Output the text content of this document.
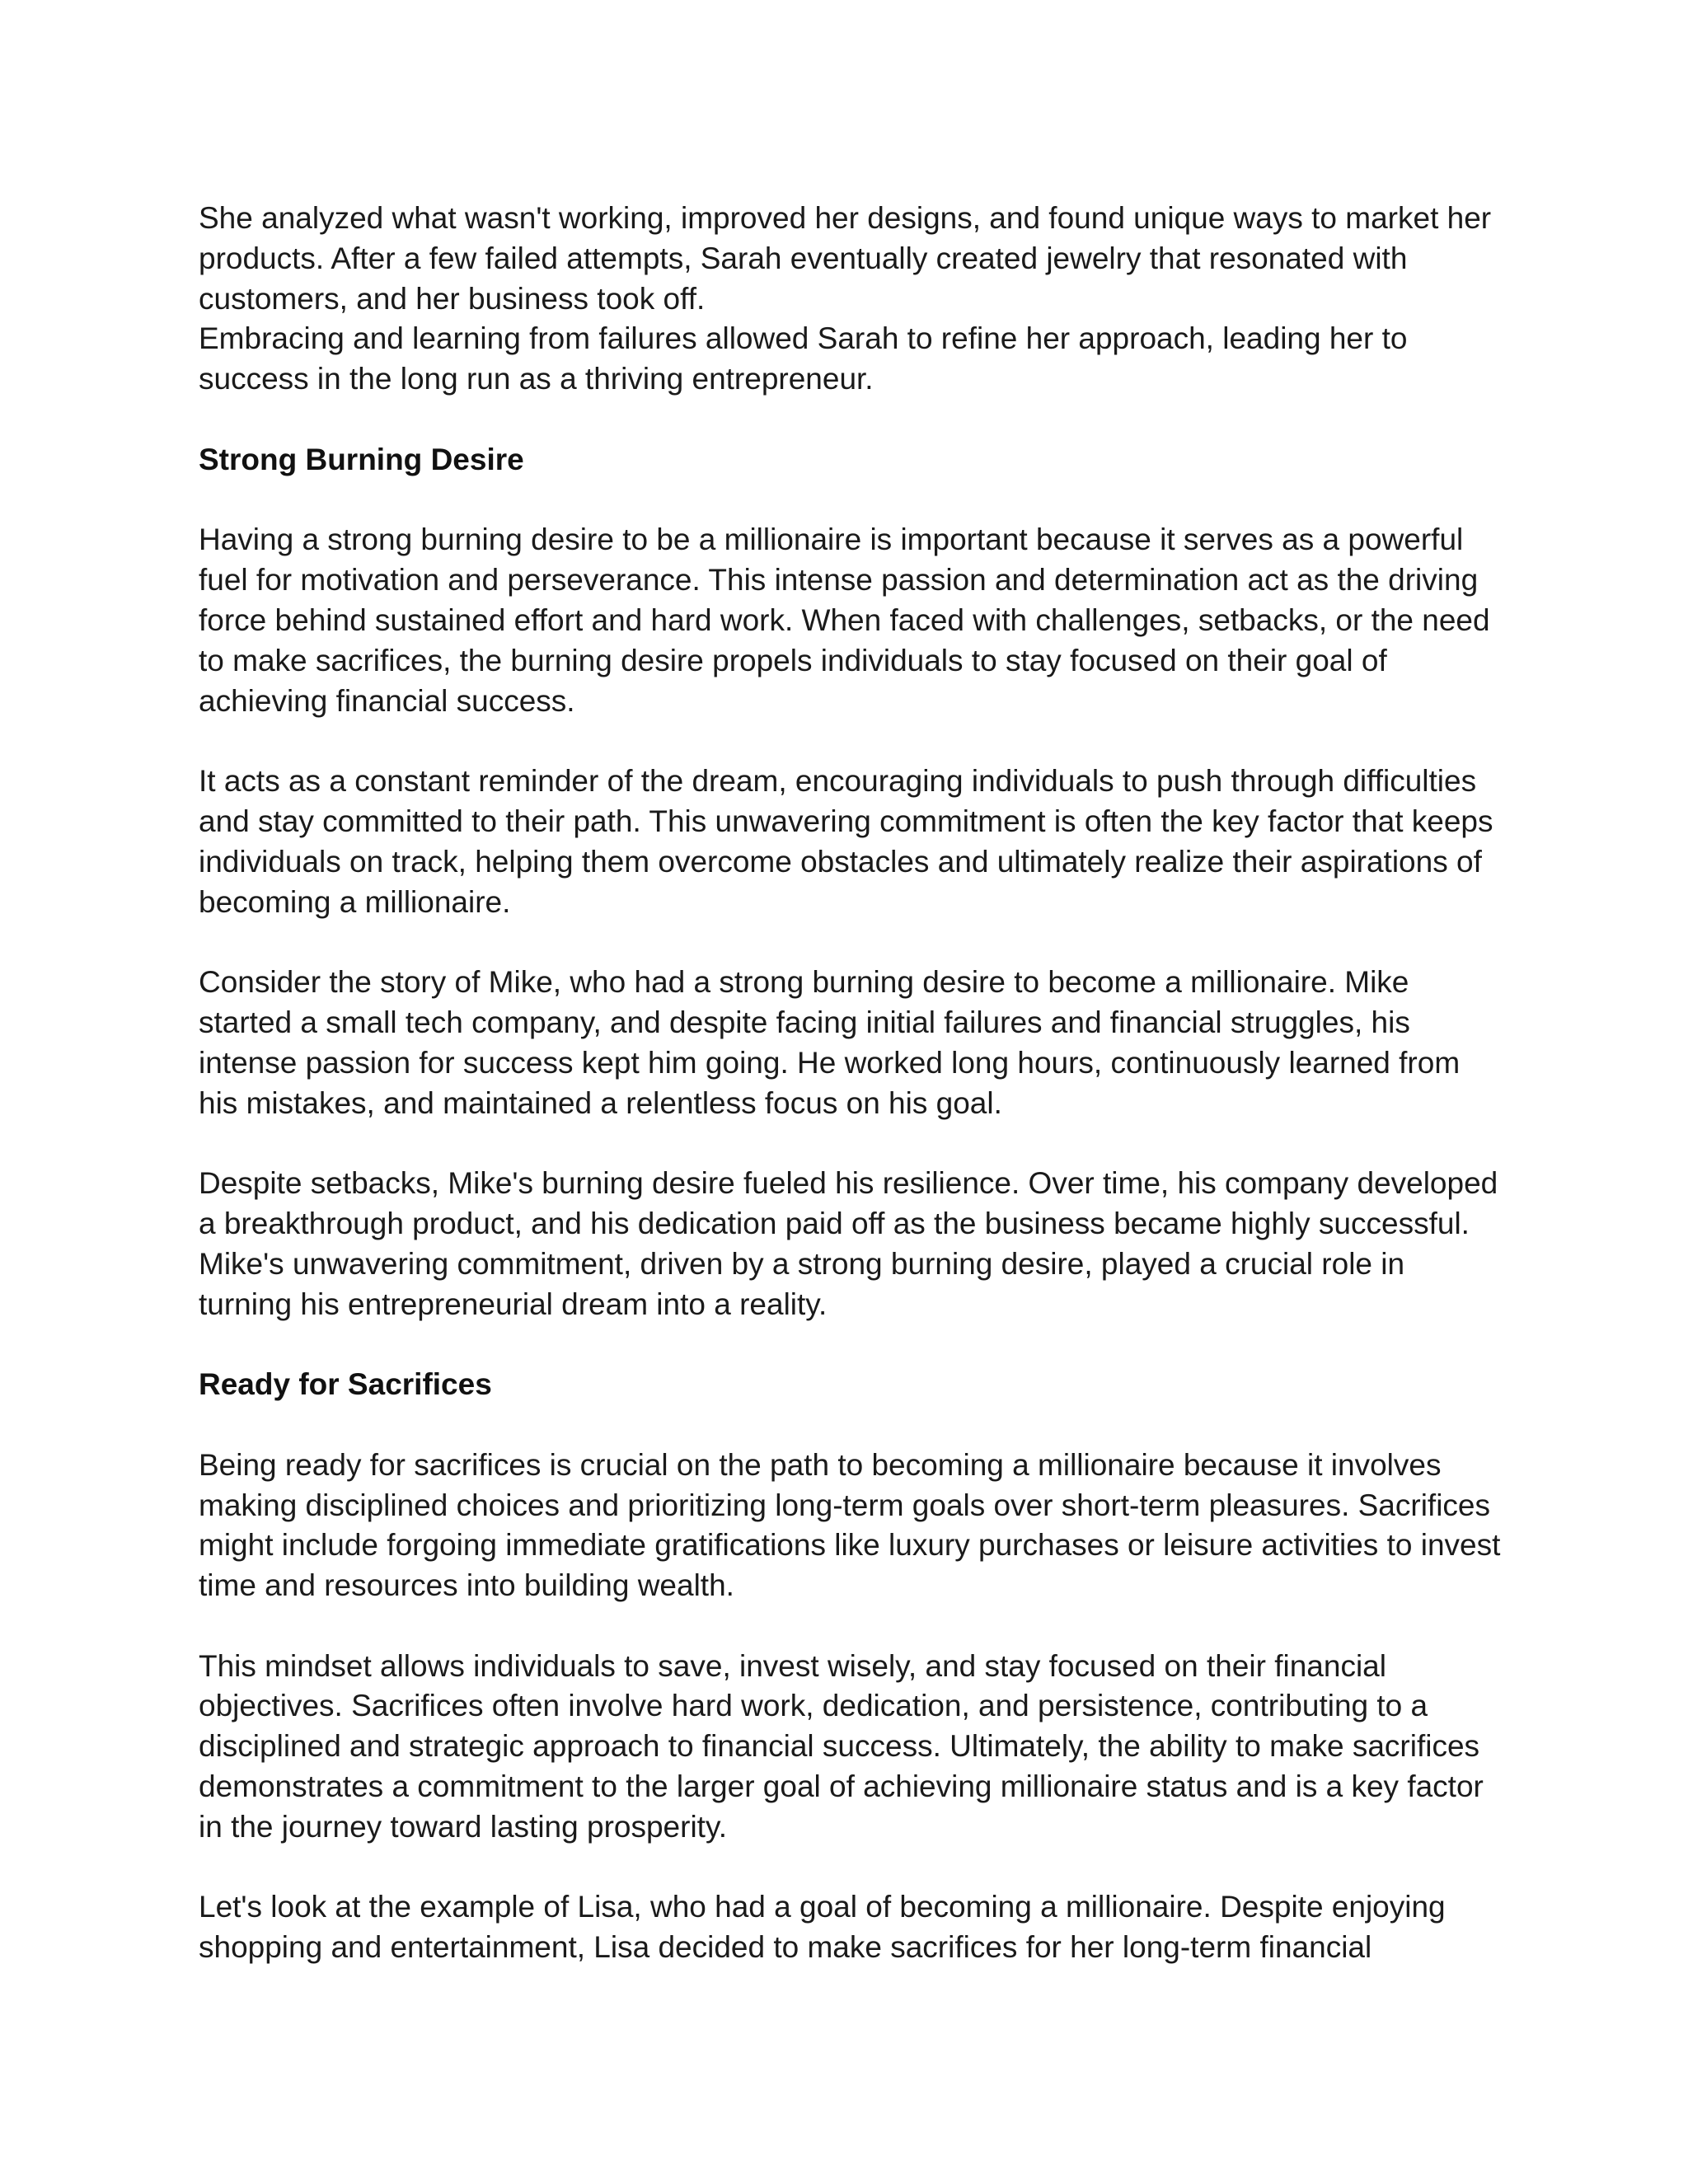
She analyzed what wasn't working, improved her designs, and found unique ways to market her products. After a few failed attempts, Sarah eventually created jewelry that resonated with customers, and her business took off.

Embracing and learning from failures allowed Sarah to refine her approach, leading her to success in the long run as a thriving entrepreneur.

Strong Burning Desire

Having a strong burning desire to be a millionaire is important because it serves as a powerful fuel for motivation and perseverance. This intense passion and determination act as the driving force behind sustained effort and hard work. When faced with challenges, setbacks, or the need to make sacrifices, the burning desire propels individuals to stay focused on their goal of achieving financial success.

It acts as a constant reminder of the dream, encouraging individuals to push through difficulties and stay committed to their path. This unwavering commitment is often the key factor that keeps individuals on track, helping them overcome obstacles and ultimately realize their aspirations of becoming a millionaire.

Consider the story of Mike, who had a strong burning desire to become a millionaire. Mike started a small tech company, and despite facing initial failures and financial struggles, his intense passion for success kept him going. He worked long hours, continuously learned from his mistakes, and maintained a relentless focus on his goal.

Despite setbacks, Mike's burning desire fueled his resilience. Over time, his company developed a breakthrough product, and his dedication paid off as the business became highly successful. Mike's unwavering commitment, driven by a strong burning desire, played a crucial role in turning his entrepreneurial dream into a reality.

Ready for Sacrifices

Being ready for sacrifices is crucial on the path to becoming a millionaire because it involves making disciplined choices and prioritizing long-term goals over short-term pleasures. Sacrifices might include forgoing immediate gratifications like luxury purchases or leisure activities to invest time and resources into building wealth.

This mindset allows individuals to save, invest wisely, and stay focused on their financial objectives. Sacrifices often involve hard work, dedication, and persistence, contributing to a disciplined and strategic approach to financial success. Ultimately, the ability to make sacrifices demonstrates a commitment to the larger goal of achieving millionaire status and is a key factor in the journey toward lasting prosperity.

Let's look at the example of Lisa, who had a goal of becoming a millionaire. Despite enjoying shopping and entertainment, Lisa decided to make sacrifices for her long-term financial
